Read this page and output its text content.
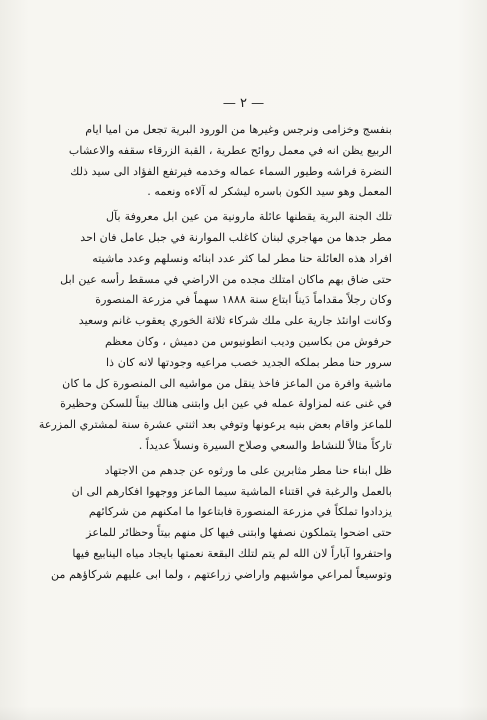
— ٢ —

بنفسج وخزامى ونرجس وغيرها من الورود البرية تجعل من اميا ايام
الربيع يظن انه في معمل روائح عطرية ، القبة الزرقاء سقفه والاعشاب
النضرة فراشه وطيور السماء عماله وخدمه فيرتفع الفؤاد الى سيد ذلك
المعمل وهو سيد الكون باسره ليشكر له آلاءه ونعمه .

تلك الجنة البرية يقطنها عائلة مارونية من عين ابل معروفة بآل
مطر جدها من مهاجري لبنان كاغلب الموارنة في جبل عامل فان احد
افراد هذه العائلة حنا مطر لما كثر عدد ابنائه ونسلهم وعدد ماشيته
حتى ضاق بهم ماكان امتلك مجده من الاراضي في مسقط رأسه عين ابل
وكان رجلاً مقداماً دَيناً ابتاع سنة ١٨٨٨ سهماً في مزرعة المنصورة
وكانت اوانئذ جارية على ملك شركاء ثلاثة الخوري يعقوب غانم وسعيد
حرفوش من بكاسين وديب انطونيوس من دميش ، وكان معظم
سرور حنا مطر بملكه الجديد خصب مراعيه وجودتها لانه كان ذا
ماشية وافرة من الماعز فاخذ ينقل من مواشيه الى المنصورة كل ما كان
في غنى عنه لمزاولة عمله في عين ابل وابتنى هنالك بيتاً للسكن وحظيرة
للماعز واقام بعض بنيه يرعونها وتوفي بعد اثنتي عشرة سنة لمشتري المزرعة
تاركاً مثالاً للنشاط والسعي وصلاح السيرة ونسلاً عديداً .

ظل ابناء حنا مطر مثابرين على ما ورثوه عن جدهم من الاجتهاد
بالعمل والرغبة في اقتناء الماشية سيما الماعز ووجهوا افكارهم الى ان
يزدادوا تملكاً في مزرعة المنصورة فابتاعوا ما امكنهم من شركائهم
حتى اضحوا يتملكون نصفها وابتنى فيها كل منهم بيتاً وحظائر للماعز
واحتفروا آباراً لان الله لم يتم لتلك البقعة نعمتها بايجاد مياه الينابيع فيها
وتوسيعاً لمراعي مواشيهم واراضي زراعتهم ، ولما ابى عليهم شركاؤهم من
